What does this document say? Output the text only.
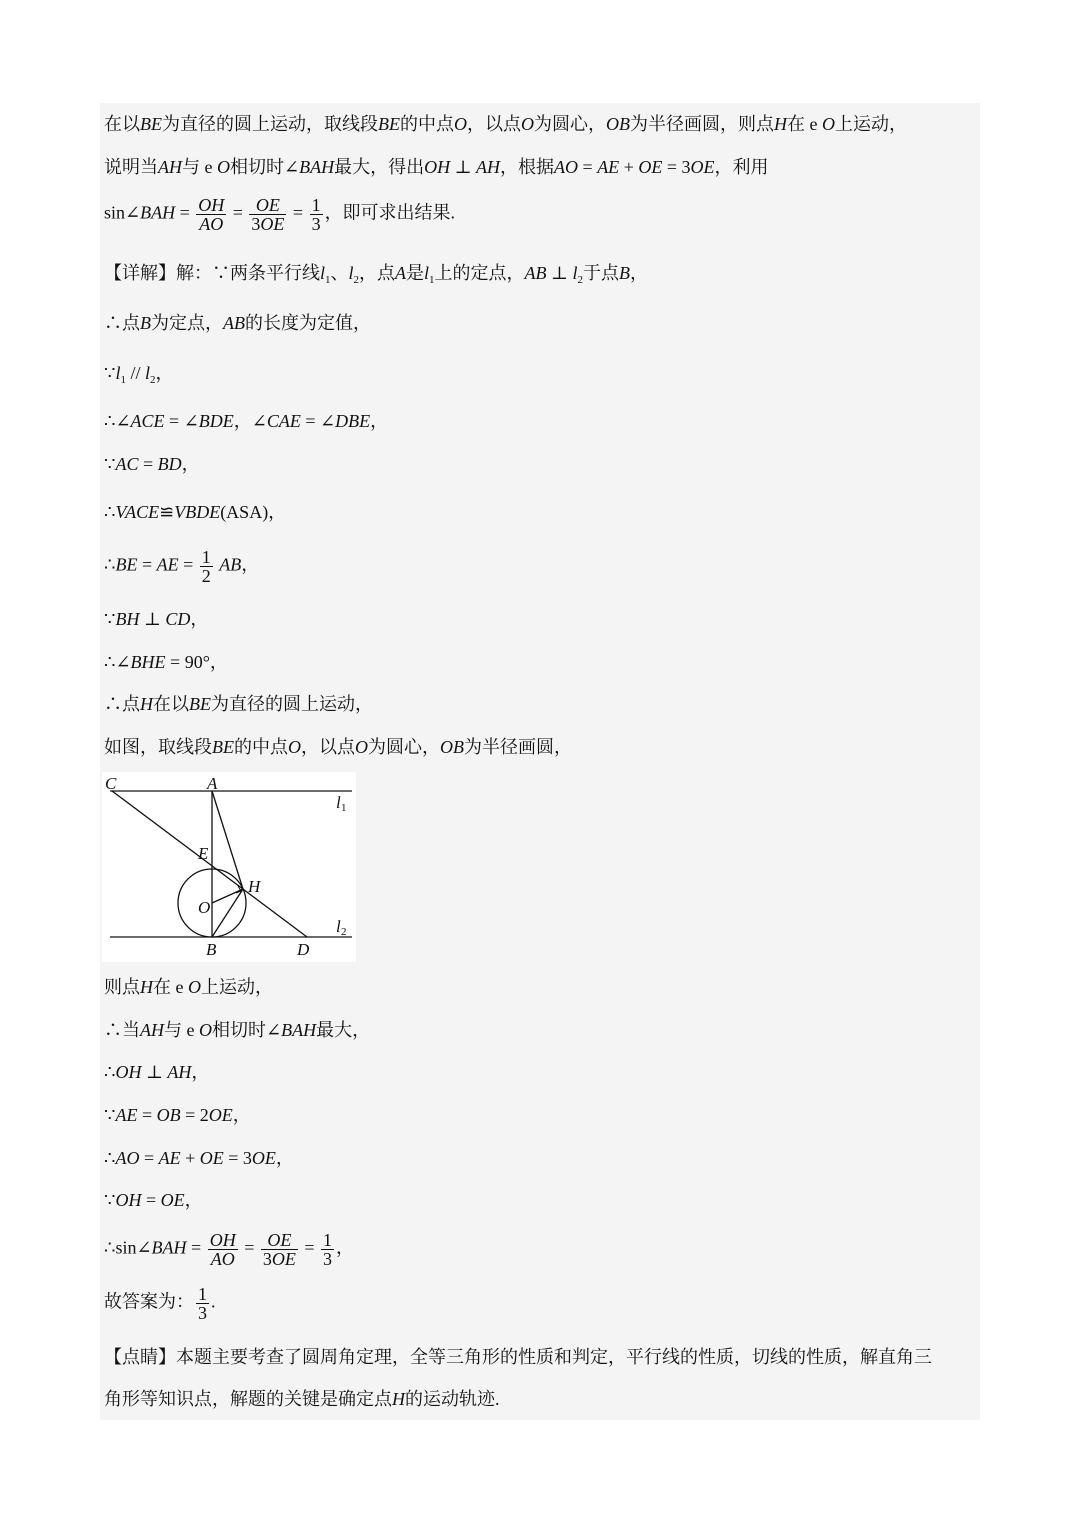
在以BE为直径的圆上运动，取线段BE的中点O，以点O为圆心，OB为半径画圆，则点H在 e O上运动，
说明当AH与 e O相切时∠BAH最大，得出OH ⊥ AH，根据AO = AE + OE = 3OE，利用
sin∠BAH = $\frac{OH}{AO} = \frac{OE}{3OE} = \frac{1}{3}$ ，即可求出结果.
【详解】解：∵两条平行线$l_1$、$l_2$，点A是$l_1$上的定点，AB ⊥ $l_2$于点B，
∴点B为定点，AB的长度为定值，
$\because l_1 // l_2$，
∴∠ACE = ∠BDE，∠CAE = ∠DBE，
∵AC = BD，
∴VACE≌VBDE(ASA)，
∴BE = AE = $\frac{1}{2}$ AB，
∵BH ⊥ CD，
∴∠BHE = 90°，
∴点H在以BE为直径的圆上运动，
如图，取线段BE的中点O，以点O为圆心，OB为半径画圆，
C	A
E
H
O
B	D
l 1
l 2
则点H在 e O上运动，
∴当AH与 e O相切时∠BAH最大，
∴OH ⊥ AH，
∵AE = OB = 2OE，
∴AO = AE + OE = 3OE，
∵OH = OE，
∴sin∠BAH = $\frac{OH}{AO} = \frac{OE}{3OE} = \frac{1}{3}$ ，
故答案为： $\frac{1}{3}$ .
【点睛】本题主要考查了圆周角定理，全等三角形的性质和判定，平行线的性质，切线的性质，解直角三
角形等知识点，解题的关键是确定点H的运动轨迹.
